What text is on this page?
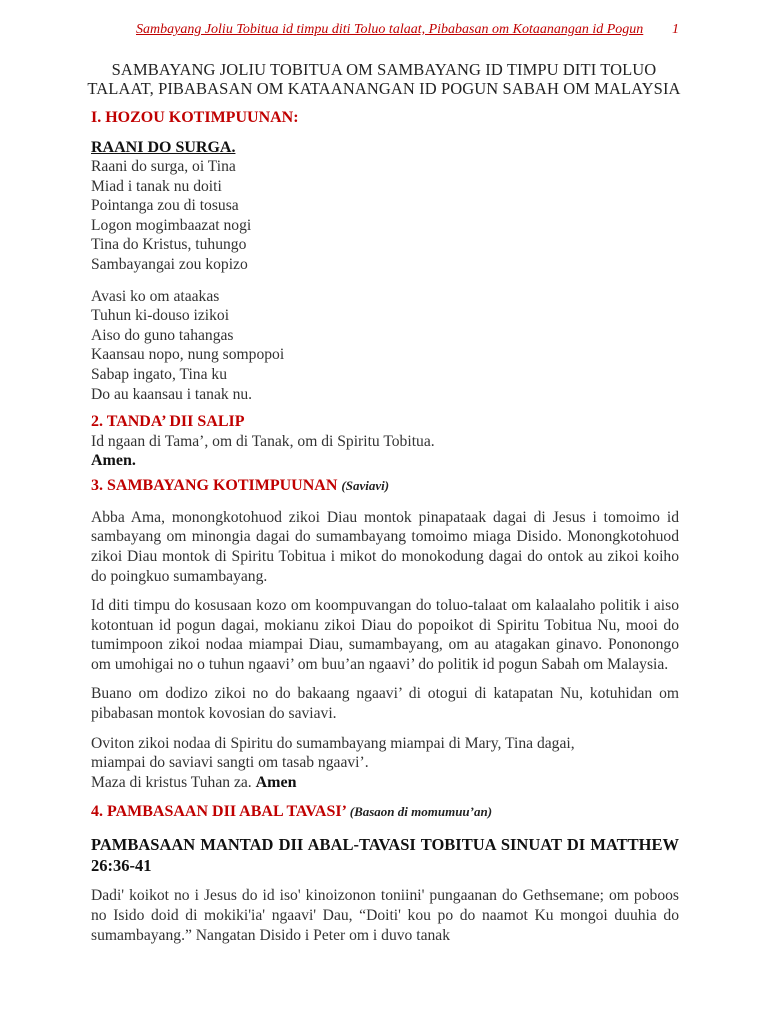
Sambayang Joliu Tobitua id timpu diti Toluo talaat, Pibabasan om Kotaanangan id Pogun 1
SAMBAYANG JOLIU TOBITUA OM SAMBAYANG ID TIMPU DITI TOLUO
TALAAT, PIBABASAN OM KATAANANGAN ID POGUN SABAH OM MALAYSIA
I. HOZOU KOTIMPUUNAN:
RAANI DO SURGA.
Raani do surga, oi Tina
Miad i tanak nu doiti
Pointanga zou di tosusa
Logon mogimbaazat nogi
Tina do Kristus, tuhungo
Sambayangai zou kopizo
Avasi ko om ataakas
Tuhun ki-douso izikoi
Aiso do guno tahangas
Kaansau nopo, nung sompopoi
Sabap ingato, Tina ku
Do au kaansau i tanak nu.
2. TANDA’ DII SALIP

Id ngaan di Tama’, om di Tanak, om di Spiritu Tobitua.

Amen.
3. SAMBAYANG KOTIMPUUNAN (Saviavi)

Abba Ama, monongkotohuod zikoi Diau montok pinapataak dagai di Jesus i tomoimo id sambayang om minongia dagai do sumambayang tomoimo miaga Disido. Monongkotohuod zikoi Diau montok di Spiritu Tobitua i mikot do monokodung dagai do ontok au zikoi koiho do poingkuo sumambayang.

Id diti timpu do kosusaan kozo om koompuvangan do toluo-talaat om kalaalaho politik i aiso kotontuan id pogun dagai, mokianu zikoi Diau do popoikot di Spiritu Tobitua Nu, mooi do tumimpoon zikoi nodaa miampai Diau, sumambayang, om au atagakan ginavo. Pononongo om umohigai no o tuhun ngaavi’ om buu’an ngaavi’ do politik id pogun Sabah om Malaysia.

Buano om dodizo zikoi no do bakaang ngaavi’ di otogui di katapatan Nu, kotuhidan om pibabasan montok kovosian do saviavi.

Oviton zikoi nodaa di Spiritu do sumambayang miampai di Mary, Tina dagai,

miampai do saviavi sangti om tasab ngaavi’.

Maza di kristus Tuhan za. Amen

4. PAMBASAAN DII ABAL TAVASI’ (Basaon di momumuu’an)

PAMBASAAN MANTAD DII ABAL-TAVASI TOBITUA SINUAT DI MATTHEW 26:36-41

Dadi' koikot no i Jesus do id iso' kinoizonon toniini' pungaanan do Gethsemane; om poboos no Isido doid di mokiki'ia' ngaavi' Dau, “Doiti' kou po do naamot Ku mongoi duuhia do sumambayang.” Nangatan Disido i Peter om i duvo tanak
